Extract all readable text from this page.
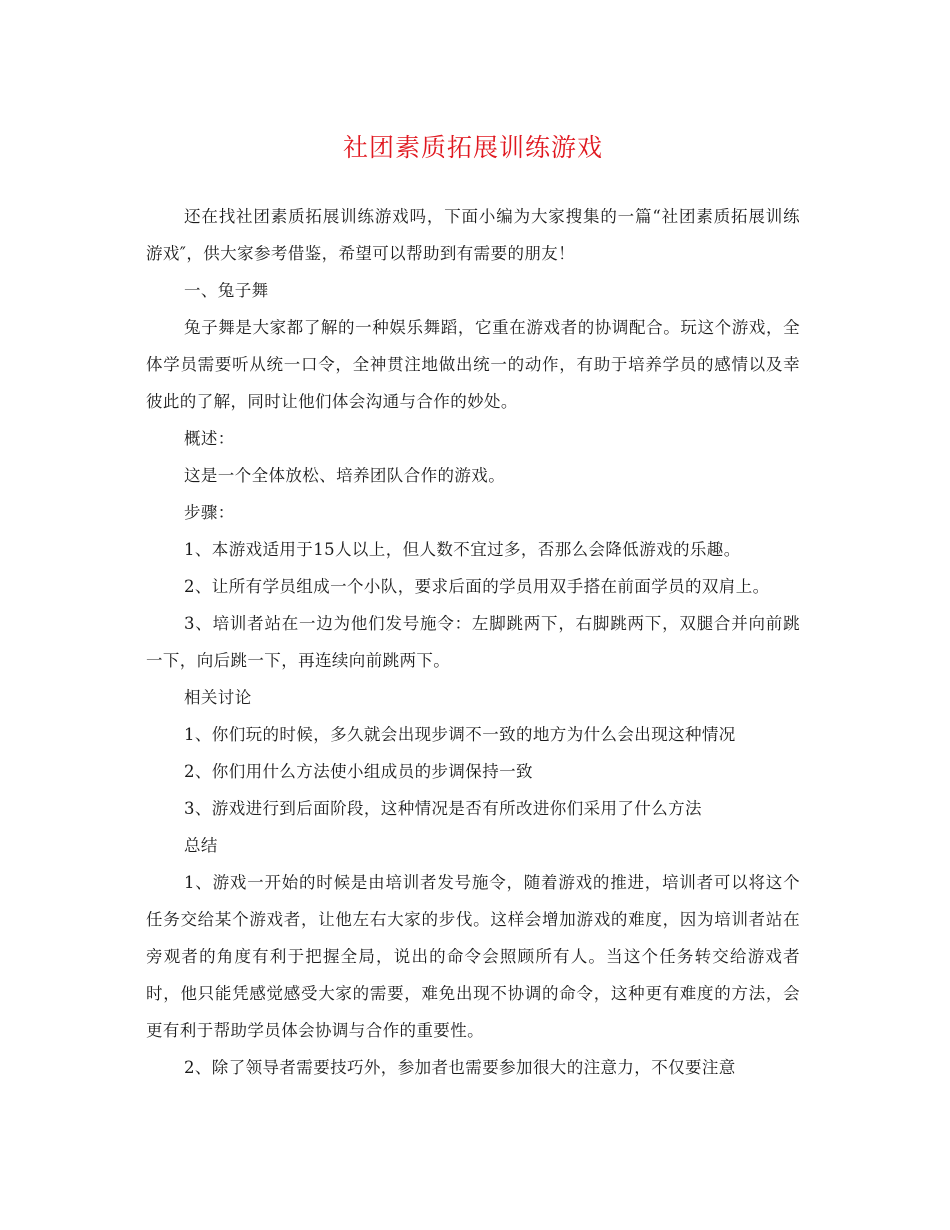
社团素质拓展训练游戏

还在找社团素质拓展训练游戏吗，下面小编为大家搜集的一篇“社团素质拓展训练游戏″，供大家参考借鉴，希望可以帮助到有需要的朋友！

一、兔子舞

兔子舞是大家都了解的一种娱乐舞蹈，它重在游戏者的协调配合。玩这个游戏，全体学员需要听从统一口令，全神贯注地做出统一的动作，有助于培养学员的感情以及幸彼此的了解，同时让他们体会沟通与合作的妙处。

概述：

这是一个全体放松、培养团队合作的游戏。

步骤：

1、本游戏适用于15人以上，但人数不宜过多，否那么会降低游戏的乐趣。

2、让所有学员组成一个小队，要求后面的学员用双手搭在前面学员的双肩上。

3、培训者站在一边为他们发号施令：左脚跳两下，右脚跳两下，双腿合并向前跳一下，向后跳一下，再连续向前跳两下。

相关讨论

1、你们玩的时候，多久就会出现步调不一致的地方为什么会出现这种情况

2、你们用什么方法使小组成员的步调保持一致

3、游戏进行到后面阶段，这种情况是否有所改进你们采用了什么方法

总结

1、游戏一开始的时候是由培训者发号施令，随着游戏的推进，培训者可以将这个任务交给某个游戏者，让他左右大家的步伐。这样会增加游戏的难度，因为培训者站在旁观者的角度有利于把握全局，说出的命令会照顾所有人。当这个任务转交给游戏者时，他只能凭感觉感受大家的需要，难免出现不协调的命令，这种更有难度的方法，会更有利于帮助学员体会协调与合作的重要性。

2、除了领导者需要技巧外，参加者也需要参加很大的注意力，不仅要注意
